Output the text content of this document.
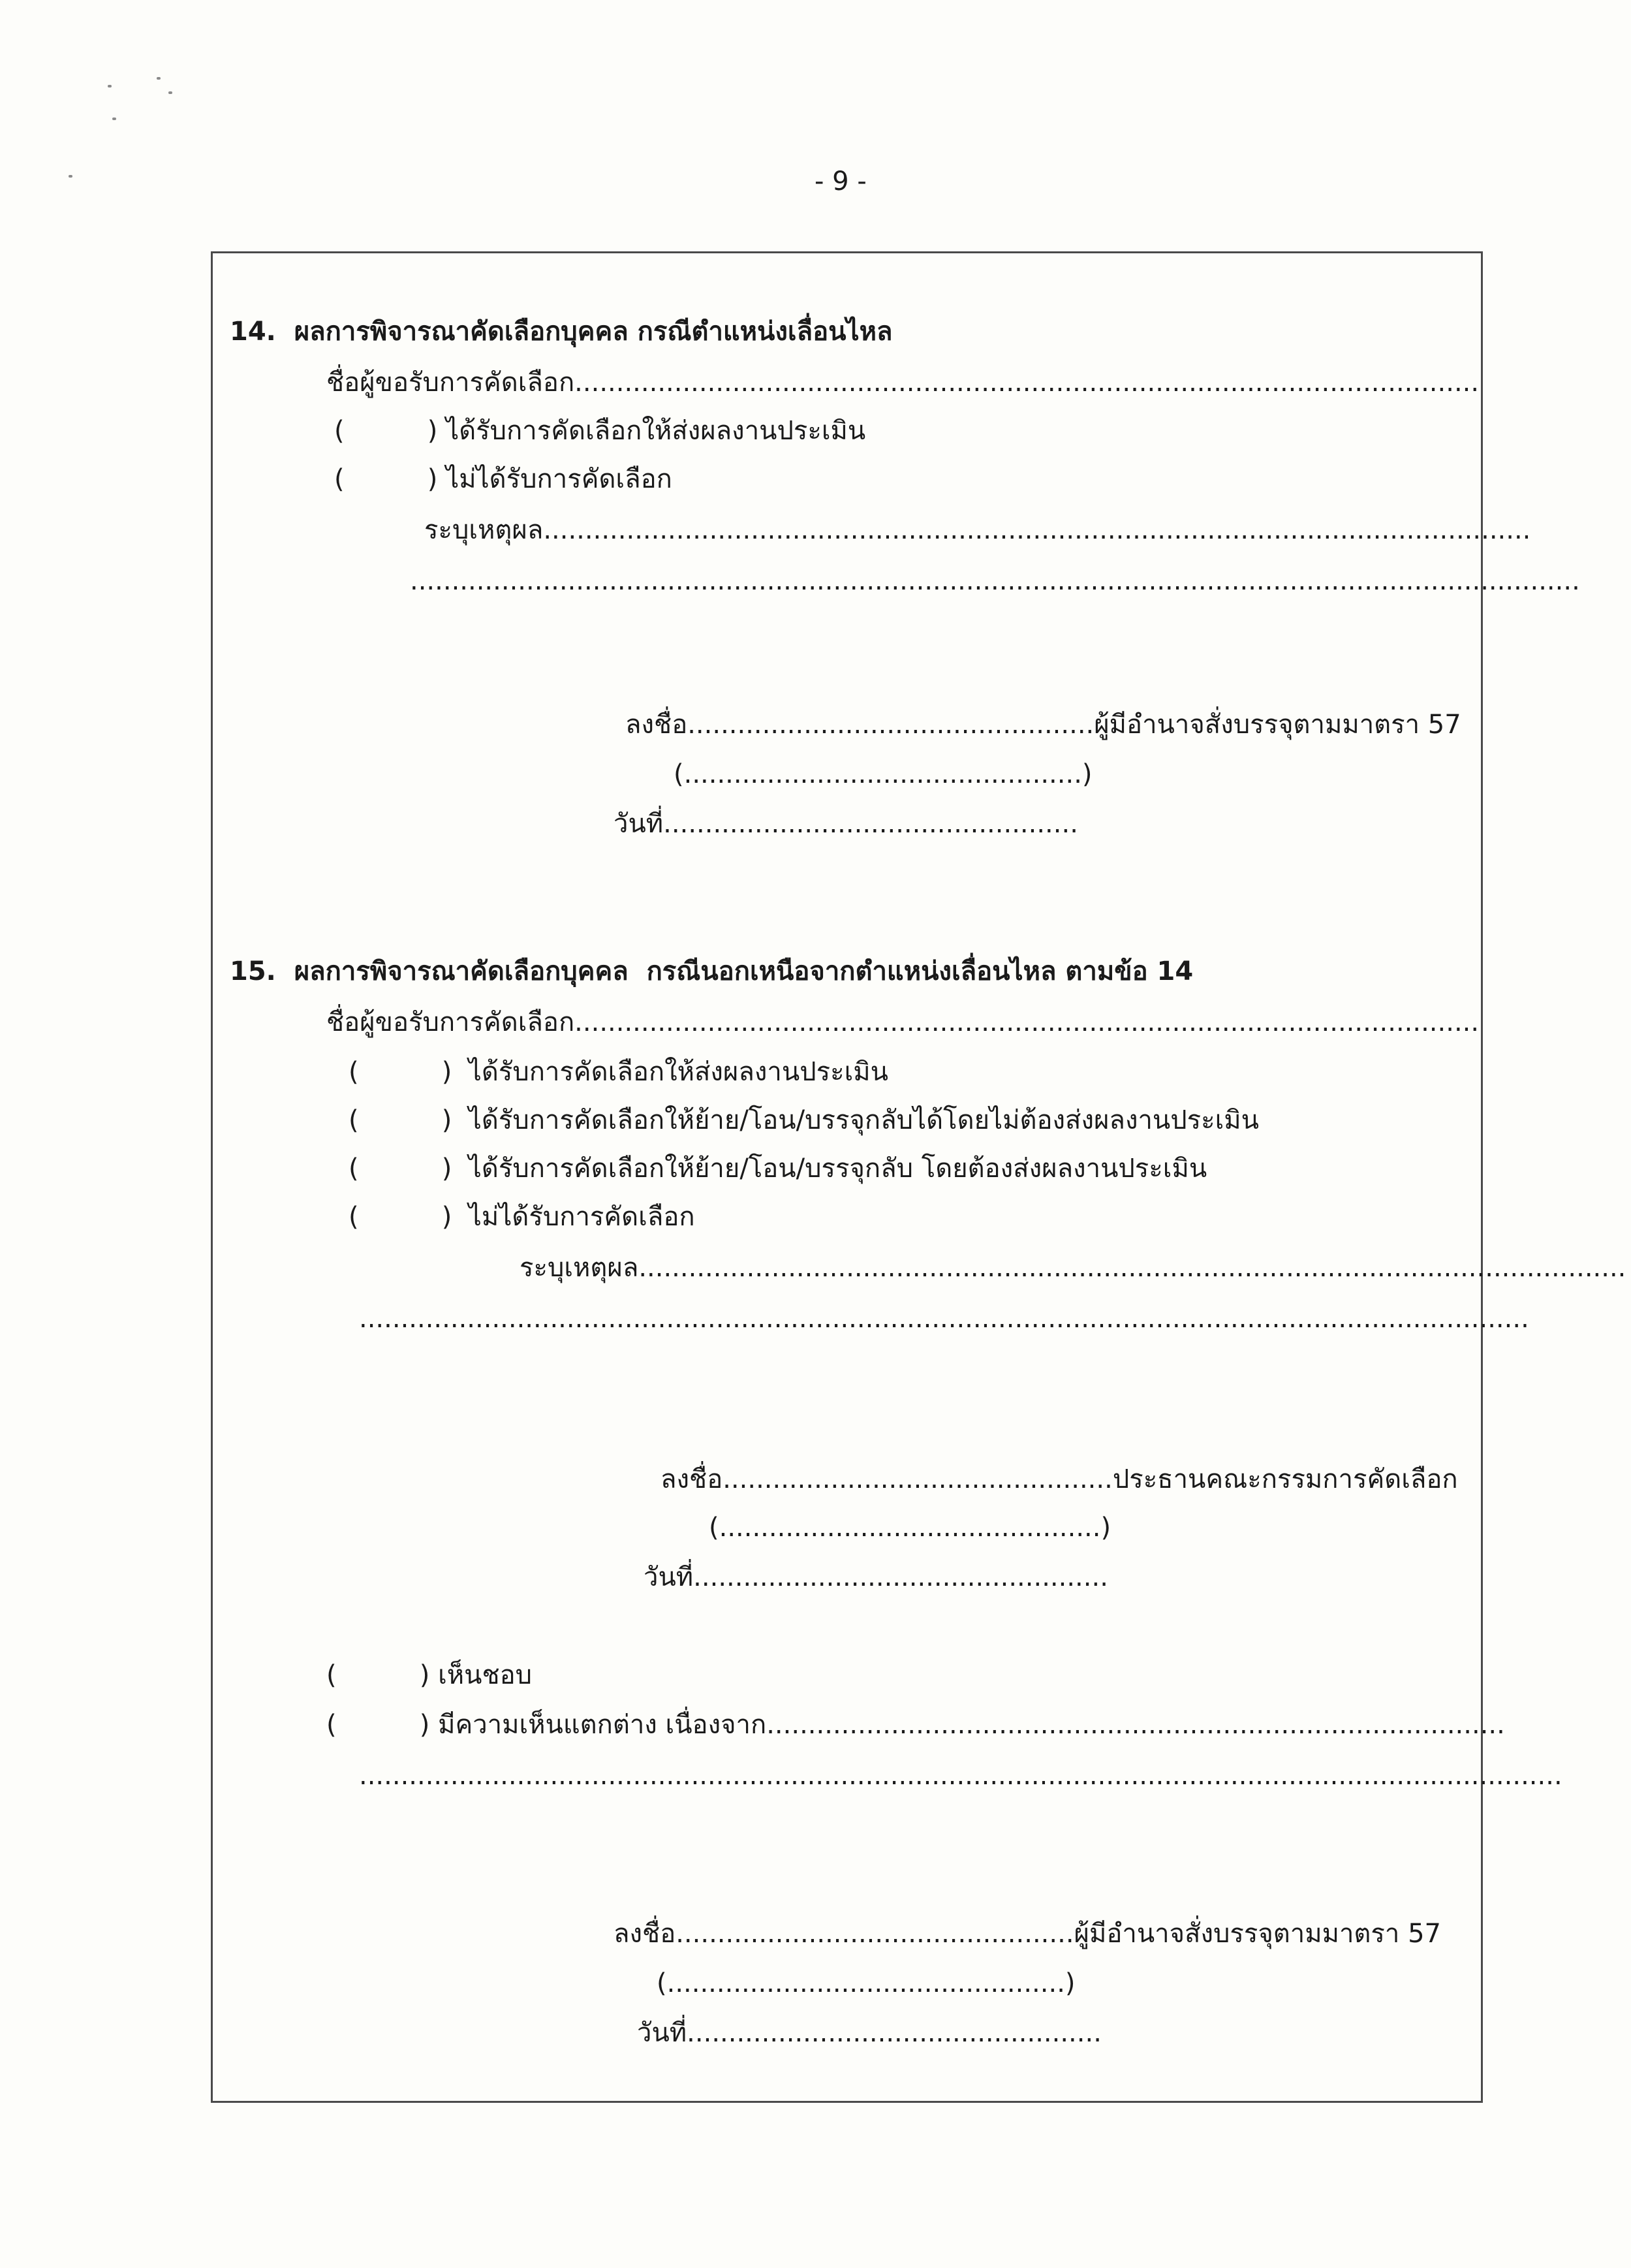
- 9 -
14.  ผลการพิจารณาคัดเลือกบุคคล กรณีตำแหน่งเลื่อนไหล
ชื่อผู้ขอรับการคัดเลือก.............................................................................................................
(          ) ได้รับการคัดเลือกให้ส่งผลงานประเมิน
(          ) ไม่ได้รับการคัดเลือก
ระบุเหตุผล.......................................................................................................................
.............................................................................................................................................
ลงชื่อ.................................................ผู้มีอำนาจสั่งบรรจุตามมาตรา 57
(................................................)
วันที่..................................................
15.  ผลการพิจารณาคัดเลือกบุคคล  กรณีนอกเหนือจากตำแหน่งเลื่อนไหล ตามข้อ 14
ชื่อผู้ขอรับการคัดเลือก.............................................................................................................
(          )  ได้รับการคัดเลือกให้ส่งผลงานประเมิน
(          )  ได้รับการคัดเลือกให้ย้าย/โอน/บรรจุกลับได้โดยไม่ต้องส่งผลงานประเมิน
(          )  ได้รับการคัดเลือกให้ย้าย/โอน/บรรจุกลับ โดยต้องส่งผลงานประเมิน
(          )  ไม่ได้รับการคัดเลือก
ระบุเหตุผล.......................................................................................................................
.............................................................................................................................................
ลงชื่อ...............................................ประธานคณะกรรมการคัดเลือก
(..............................................)
วันที่..................................................
(          ) เห็นชอบ
(          ) มีความเห็นแตกต่าง เนื่องจาก.........................................................................................
.................................................................................................................................................
ลงชื่อ................................................ผู้มีอำนาจสั่งบรรจุตามมาตรา 57
(................................................)
วันที่..................................................
